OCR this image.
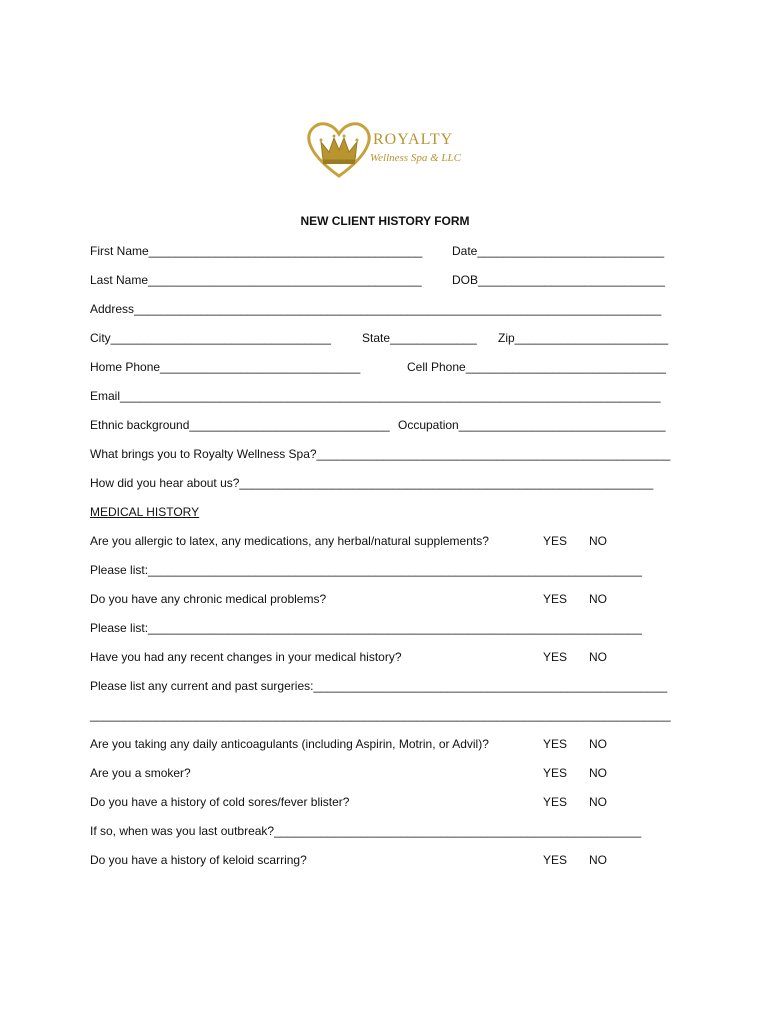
ROYALTY
Wellness Spa & LLC
NEW CLIENT HISTORY FORM
First Name_________________________________________ Date____________________________
Last Name_________________________________________	DOB____________________________
Address_______________________________________________________________________________
City_________________________________	State_____________ Zip_______________________
Home Phone______________________________	Cell Phone______________________________
Email_________________________________________________________________________________
Ethnic background______________________________ Occupation_______________________________
What brings you to Royalty Wellness Spa?_____________________________________________________
How did you hear about us?______________________________________________________________
MEDICAL HISTORY
Are you allergic to latex, any medications, any herbal/natural supplements?	YES NO
Please list:__________________________________________________________________________
Do you have any chronic medical problems?	YES NO
Please list:__________________________________________________________________________
Have you had any recent changes in your medical history?	YES NO
Please list any current and past surgeries:_____________________________________________________
_______________________________________________________________________________________
Are you taking any daily anticoagulants (including Aspirin, Motrin, or Advil)?	YES NO
Are you a smoker?	YES NO
Do you have a history of cold sores/fever blister?	YES NO
If so, when was you last outbreak?_______________________________________________________
Do you have a history of keloid scarring?	YES NO
